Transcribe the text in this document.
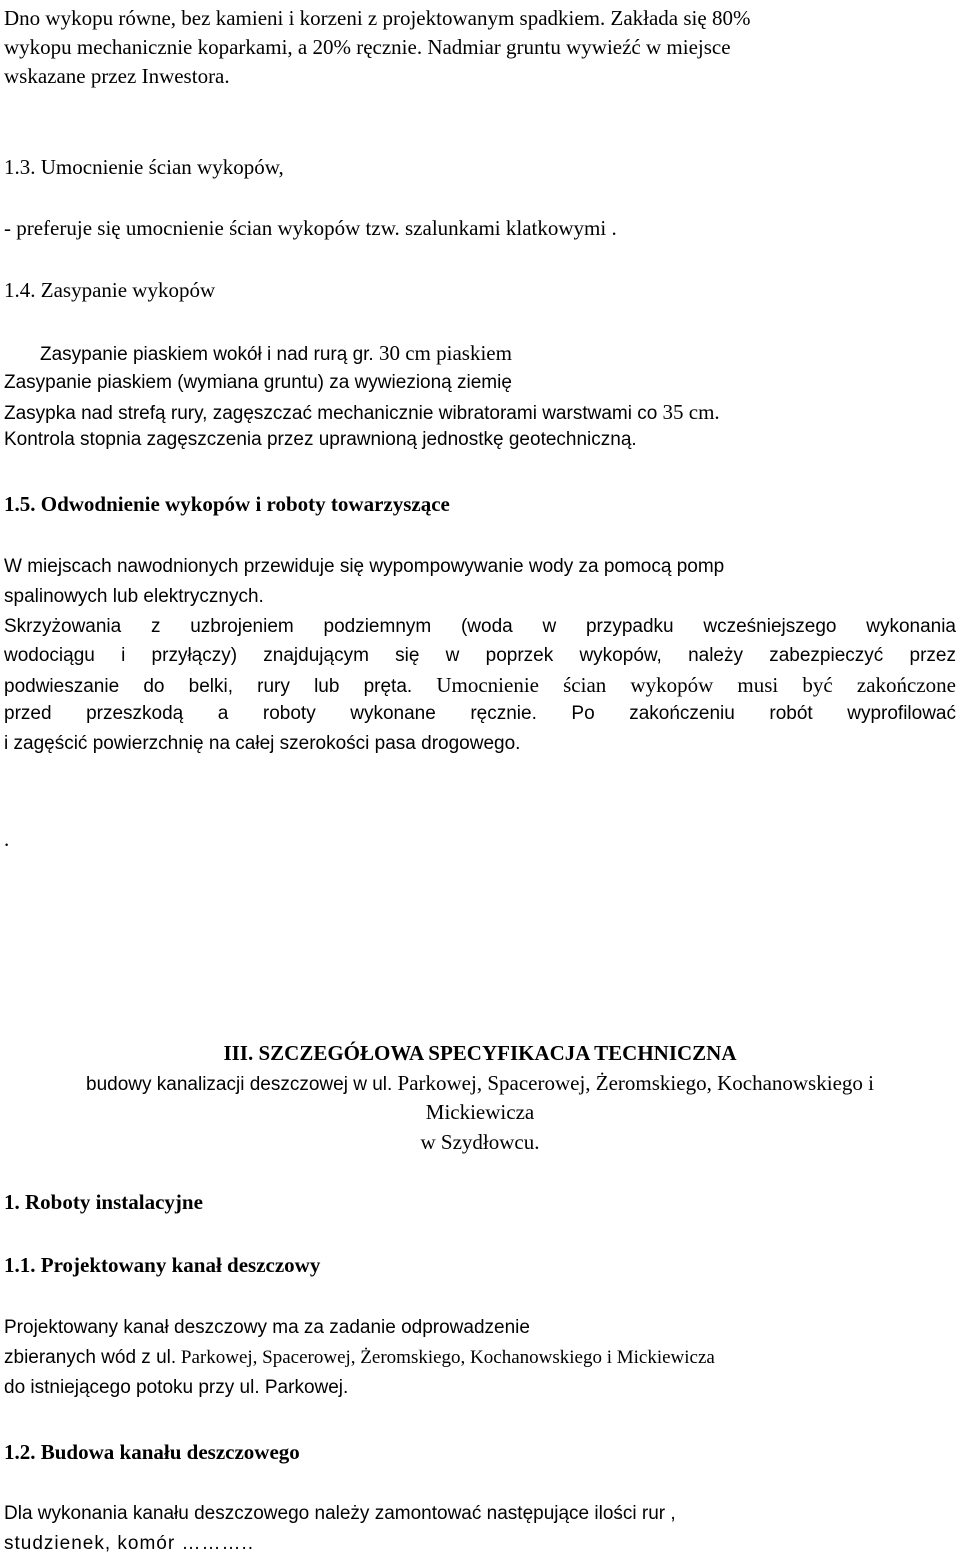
Dno wykopu równe, bez kamieni i korzeni z projektowanym spadkiem. Zakłada się 80%
wykopu mechanicznie koparkami, a 20% ręcznie. Nadmiar gruntu wywieźć w miejsce
wskazane przez Inwestora.
1.3. Umocnienie ścian wykopów,
- preferuje się umocnienie ścian wykopów tzw. szalunkami klatkowymi .
1.4. Zasypanie wykopów
Zasypanie piaskiem wokół i nad rurą gr. 30 cm piaskiem
Zasypanie piaskiem (wymiana gruntu) za wywiezioną ziemię
Zasypka nad strefą rury, zagęszczać mechanicznie wibratorami warstwami co 35 cm.
Kontrola stopnia zagęszczenia przez uprawnioną jednostkę geotechniczną.
1.5. Odwodnienie wykopów i roboty towarzyszące
W miejscach nawodnionych przewiduje się wypompowywanie wody za pomocą pomp
spalinowych lub elektrycznych.
Skrzyżowania z uzbrojeniem podziemnym (woda w przypadku wcześniejszego wykonania
wodociągu i przyłączy) znajdującym się w poprzek wykopów, należy zabezpieczyć przez
podwieszanie do belki, rury lub pręta. Umocnienie ścian wykopów musi być zakończone
przed przeszkodą a roboty wykonane ręcznie. Po zakończeniu robót wyprofilować
i zagęścić powierzchnię na całej szerokości pasa drogowego.
.
III. SZCZEGÓŁOWA SPECYFIKACJA TECHNICZNA
budowy kanalizacji deszczowej w ul. Parkowej, Spacerowej, Żeromskiego, Kochanowskiego i
Mickiewicza
w Szydłowcu.
1. Roboty instalacyjne
1.1. Projektowany kanał deszczowy
Projektowany kanał deszczowy ma za zadanie odprowadzenie
zbieranych wód z ul. Parkowej, Spacerowej, Żeromskiego, Kochanowskiego i Mickiewicza
do istniejącego potoku przy ul. Parkowej.
1.2. Budowa kanału deszczowego
Dla wykonania kanału deszczowego należy zamontować następujące ilości rur ,
studzienek, komór ………..
